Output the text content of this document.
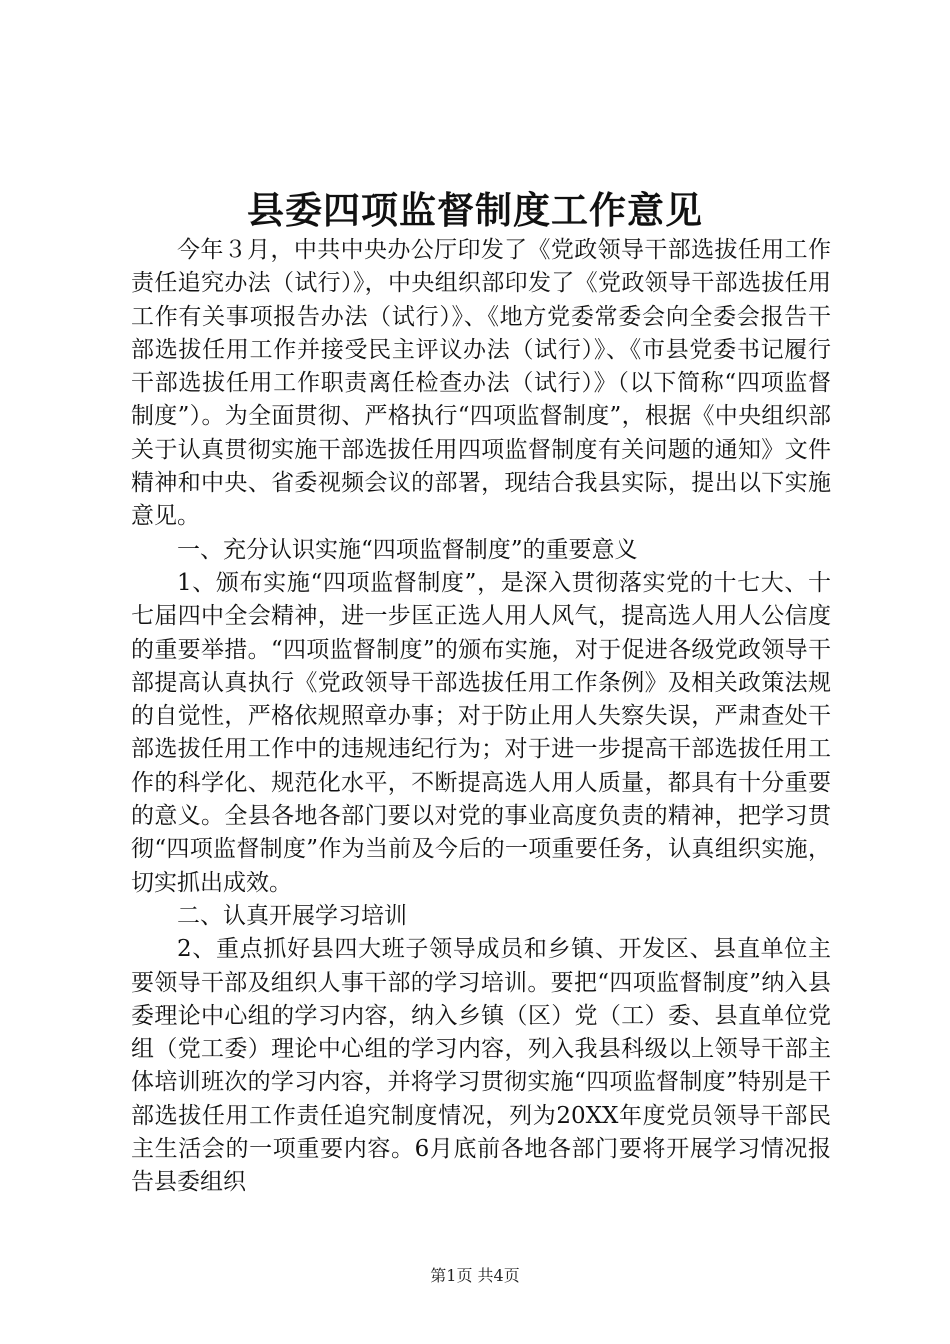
县委四项监督制度工作意见

今年３月，中共中央办公厅印发了《党政领导干部选拔任用工作责任追究办法（试行）》，中央组织部印发了《党政领导干部选拔任用工作有关事项报告办法（试行）》、《地方党委常委会向全委会报告干部选拔任用工作并接受民主评议办法（试行）》、《市县党委书记履行干部选拔任用工作职责离任检查办法（试行）》（以下简称“四项监督制度”）。为全面贯彻、严格执行“四项监督制度”，根据《中央组织部关于认真贯彻实施干部选拔任用四项监督制度有关问题的通知》文件精神和中央、省委视频会议的部署，现结合我县实际，提出以下实施意见。

一、充分认识实施“四项监督制度”的重要意义

1、颁布实施“四项监督制度”，是深入贯彻落实党的十七大、十七届四中全会精神，进一步匡正选人用人风气，提高选人用人公信度的重要举措。“四项监督制度”的颁布实施，对于促进各级党政领导干部提高认真执行《党政领导干部选拔任用工作条例》及相关政策法规的自觉性，严格依规照章办事；对于防止用人失察失误，严肃查处干部选拔任用工作中的违规违纪行为；对于进一步提高干部选拔任用工作的科学化、规范化水平，不断提高选人用人质量，都具有十分重要的意义。全县各地各部门要以对党的事业高度负责的精神，把学习贯彻“四项监督制度”作为当前及今后的一项重要任务，认真组织实施，切实抓出成效。

二、认真开展学习培训

2、重点抓好县四大班子领导成员和乡镇、开发区、县直单位主要领导干部及组织人事干部的学习培训。要把“四项监督制度”纳入县委理论中心组的学习内容，纳入乡镇（区）党（工）委、县直单位党组（党工委）理论中心组的学习内容，列入我县科级以上领导干部主体培训班次的学习内容，并将学习贯彻实施“四项监督制度”特别是干部选拔任用工作责任追究制度情况，列为20XX年度党员领导干部民主生活会的一项重要内容。6月底前各地各部门要将开展学习情况报告县委组织

第1页 共4页
